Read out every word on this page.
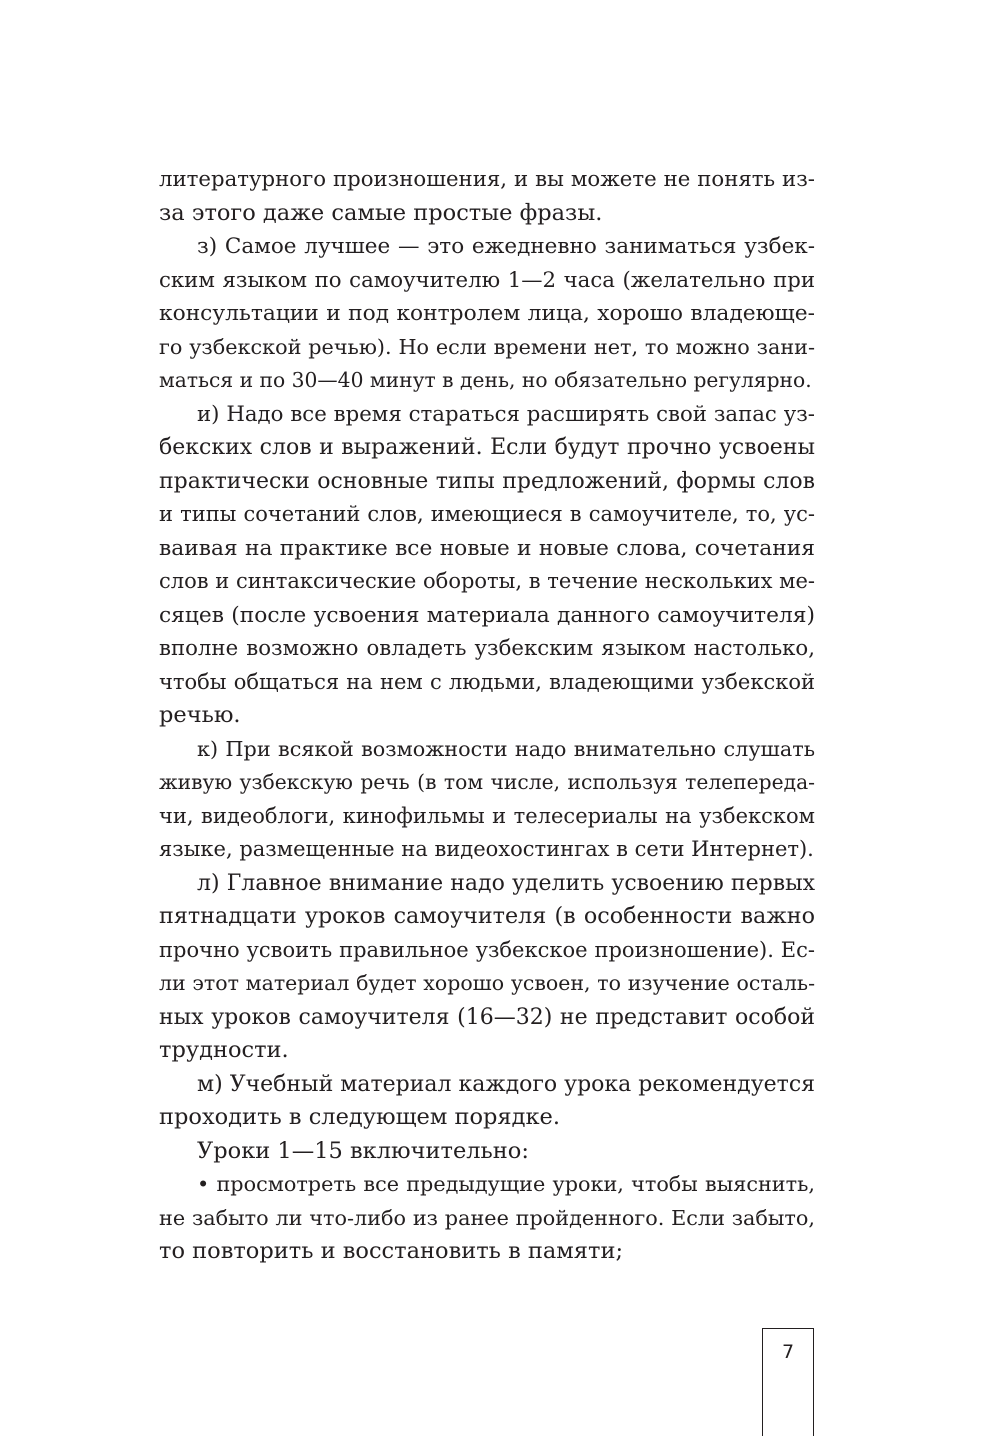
литературного произношения, и вы можете не понять из-
за этого даже самые простые фразы.
з) Самое лучшее — это ежедневно заниматься узбек-
ским языком по самоучителю 1—2 часа (желательно при
консультации и под контролем лица, хорошо владеюще-
го узбекской речью). Но если времени нет, то можно зани-
маться и по 30—40 минут в день, но обязательно регулярно.
и) Надо все время стараться расширять свой запас уз-
бекских слов и выражений. Если будут прочно усвоены
практически основные типы предложений, формы слов
и типы сочетаний слов, имеющиеся в самоучителе, то, ус-
ваивая на практике все новые и новые слова, сочетания
слов и синтаксические обороты, в течение нескольких ме-
сяцев (после усвоения материала данного самоучителя)
вполне возможно овладеть узбекским языком настолько,
чтобы общаться на нем с людьми, владеющими узбекской
речью.
к) При всякой возможности надо внимательно слушать
живую узбекскую речь (в том числе, используя телепереда-
чи, видеоблоги, кинофильмы и телесериалы на узбекском
языке, размещенные на видеохостингах в сети Интернет).
л) Главное внимание надо уделить усвоению первых
пятнадцати уроков самоучителя (в особенности важно
прочно усвоить правильное узбекское произношение). Ес-
ли этот материал будет хорошо усвоен, то изучение осталь-
ных уроков самоучителя (16—32) не представит особой
трудности.
м) Учебный материал каждого урока рекомендуется
проходить в следующем порядке.
Уроки 1—15 включительно:
• просмотреть все предыдущие уроки, чтобы выяснить,
не забыто ли что-либо из ранее пройденного. Если забыто,
то повторить и восстановить в памяти;
7
